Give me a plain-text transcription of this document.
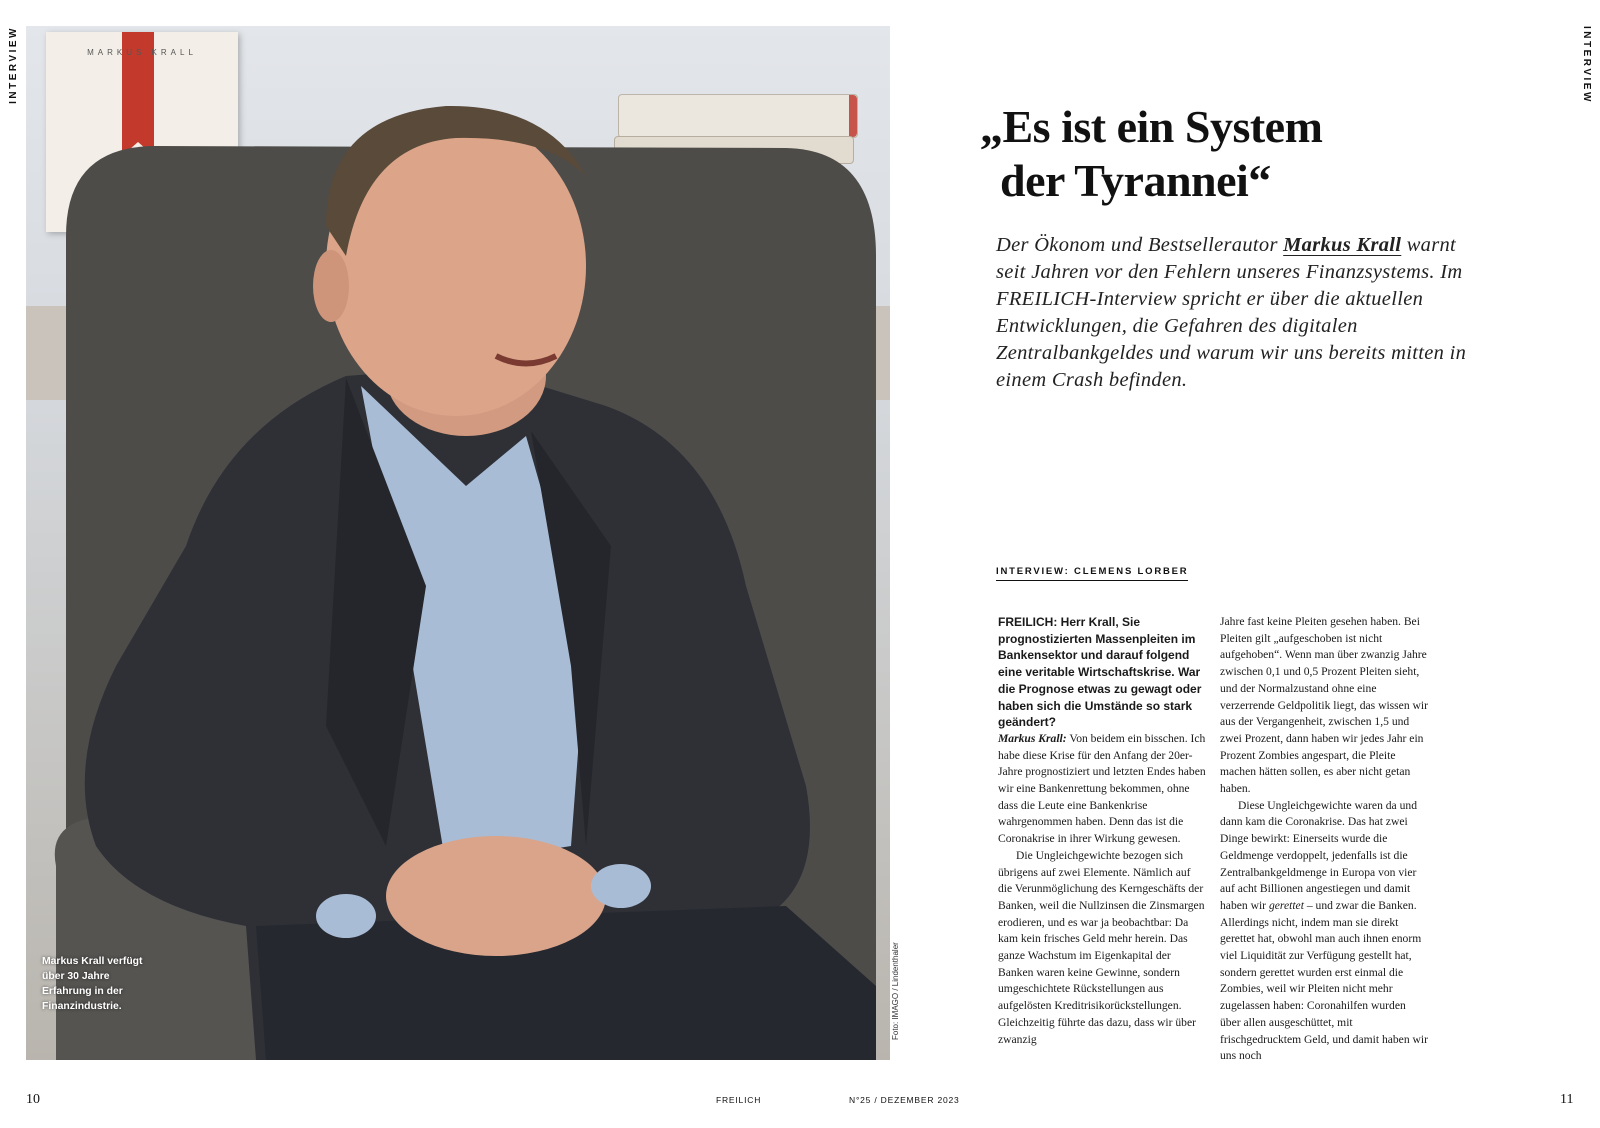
INTERVIEW	INTERVIEW
MARKUS KRALL
Markus Krall verfügt über 30 Jahre Erfahrung in der Finanzindustrie.	Foto: IMAGO / Lindenthaler
„Es ist ein System
der Tyrannei“
Der Ökonom und Bestsellerautor Markus Krall warnt seit Jahren vor den Fehlern unseres Finanzsystems. Im FREILICH-Interview spricht er über die aktuellen Entwicklungen, die Gefahren des digitalen Zentralbankgeldes und warum wir uns bereits mitten in einem Crash befinden.
INTERVIEW: CLEMENS LORBER

FREILICH: Herr Krall, Sie prognostizierten Massenpleiten im Bankensektor und darauf folgend eine veritable Wirtschaftskrise. War die Prognose etwas zu gewagt oder haben sich die Umstände so stark geändert?

Markus Krall: Von beidem ein bisschen. Ich habe diese Krise für den Anfang der 20er-Jahre prognostiziert und letzten Endes haben wir eine Bankenrettung bekommen, ohne dass die Leute eine Bankenkrise wahrgenommen haben. Denn das ist die Coronakrise in ihrer Wirkung gewesen.

Die Ungleichgewichte bezogen sich übrigens auf zwei Elemente. Nämlich auf die Verunmöglichung des Kerngeschäfts der Banken, weil die Nullzinsen die Zinsmargen erodieren, und es war ja beobachtbar: Da kam kein frisches Geld mehr herein. Das ganze Wachstum im Eigenkapital der Banken waren keine Gewinne, sondern umgeschichtete Rückstellungen aus aufgelösten Kreditrisikorückstellungen. Gleichzeitig führte das dazu, dass wir über zwanzig

Jahre fast keine Pleiten gesehen haben. Bei Pleiten gilt „aufgeschoben ist nicht aufgehoben“. Wenn man über zwanzig Jahre zwischen 0,1 und 0,5 Prozent Pleiten sieht, und der Normalzustand ohne eine verzerrende Geldpolitik liegt, das wissen wir aus der Vergangenheit, zwischen 1,5 und zwei Prozent, dann haben wir jedes Jahr ein Prozent Zombies angespart, die Pleite machen hätten sollen, es aber nicht getan haben.

Diese Ungleichgewichte waren da und dann kam die Coronakrise. Das hat zwei Dinge bewirkt: Einerseits wurde die Geldmenge verdoppelt, jedenfalls ist die Zentralbankgeldmenge in Europa von vier auf acht Billionen angestiegen und damit haben wir gerettet – und zwar die Banken. Allerdings nicht, indem man sie direkt gerettet hat, obwohl man auch ihnen enorm viel Liquidität zur Verfügung gestellt hat, sondern gerettet wurden erst einmal die Zombies, weil wir Pleiten nicht mehr zugelassen haben: Coronahilfen wurden über allen ausgeschüttet, mit frischgedrucktem Geld, und damit haben wir uns noch

10	FREILICH	N°25 / DEZEMBER 2023	11
